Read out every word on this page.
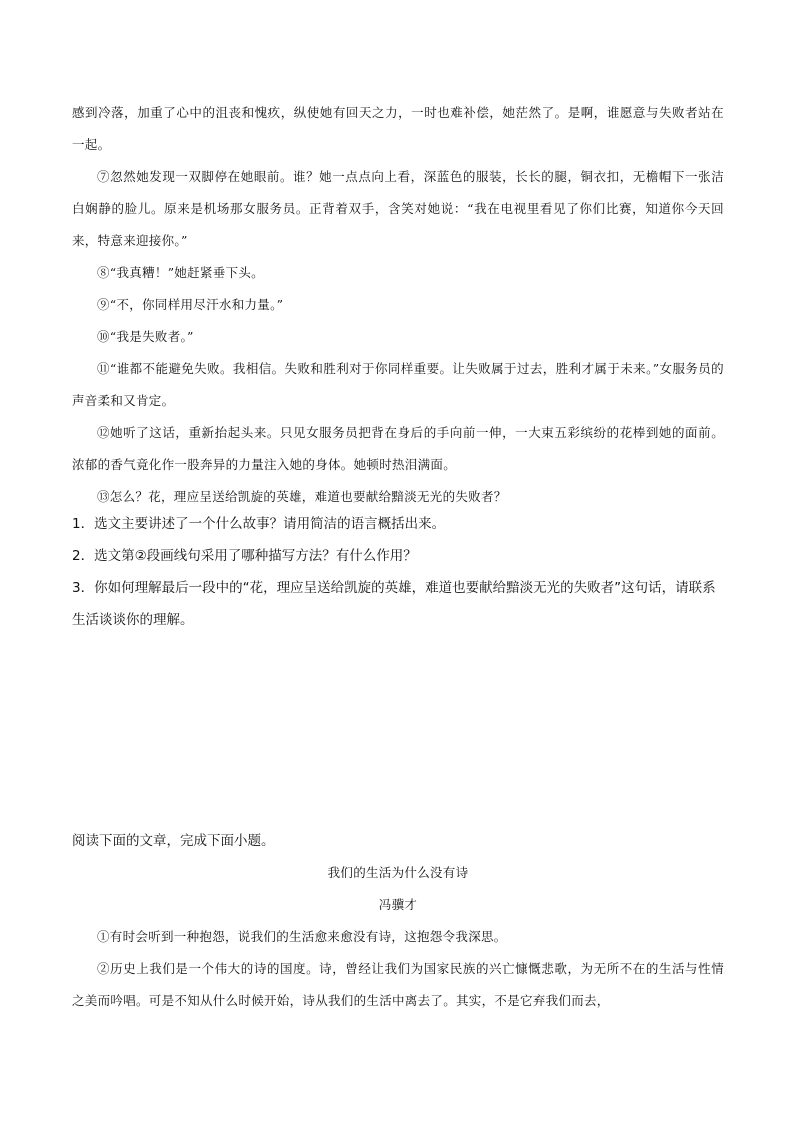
感到冷落，加重了心中的沮丧和愧疚，纵使她有回天之力，一时也难补偿，她茫然了。是啊，谁愿意与失败者站在一起。

⑦忽然她发现一双脚停在她眼前。谁？她一点点向上看，深蓝色的服装，长长的腿，铜衣扣，无檐帽下一张洁白娴静的脸儿。原来是机场那女服务员。正背着双手，含笑对她说：“我在电视里看见了你们比赛，知道你今天回来，特意来迎接你。”

⑧“我真糟！”她赶紧垂下头。

⑨“不，你同样用尽汗水和力量。”

⑩“我是失败者。”

⑪“谁都不能避免失败。我相信。失败和胜利对于你同样重要。让失败属于过去，胜利才属于未来。”女服务员的声音柔和又肯定。

⑫她听了这话，重新抬起头来。只见女服务员把背在身后的手向前一伸，一大束五彩缤纷的花棒到她的面前。浓郁的香气竟化作一股奔异的力量注入她的身体。她顿时热泪满面。

⑬怎么？花，理应呈送给凯旋的英雄，难道也要献给黯淡无光的失败者？

1．选文主要讲述了一个什么故事？请用简洁的语言概括出来。

2．选文第②段画线句采用了哪种描写方法？有什么作用？

3．你如何理解最后一段中的“花，理应呈送给凯旋的英雄，难道也要献给黯淡无光的失败者”这句话，请联系生活谈谈你的理解。

阅读下面的文章，完成下面小题。

我们的生活为什么没有诗

冯骥才

①有时会听到一种抱怨，说我们的生活愈来愈没有诗，这抱怨令我深思。

②历史上我们是一个伟大的诗的国度。诗，曾经让我们为国家民族的兴亡慷慨悲歌，为无所不在的生活与性情之美而吟唱。可是不知从什么时候开始，诗从我们的生活中离去了。其实，不是它弃我们而去，
